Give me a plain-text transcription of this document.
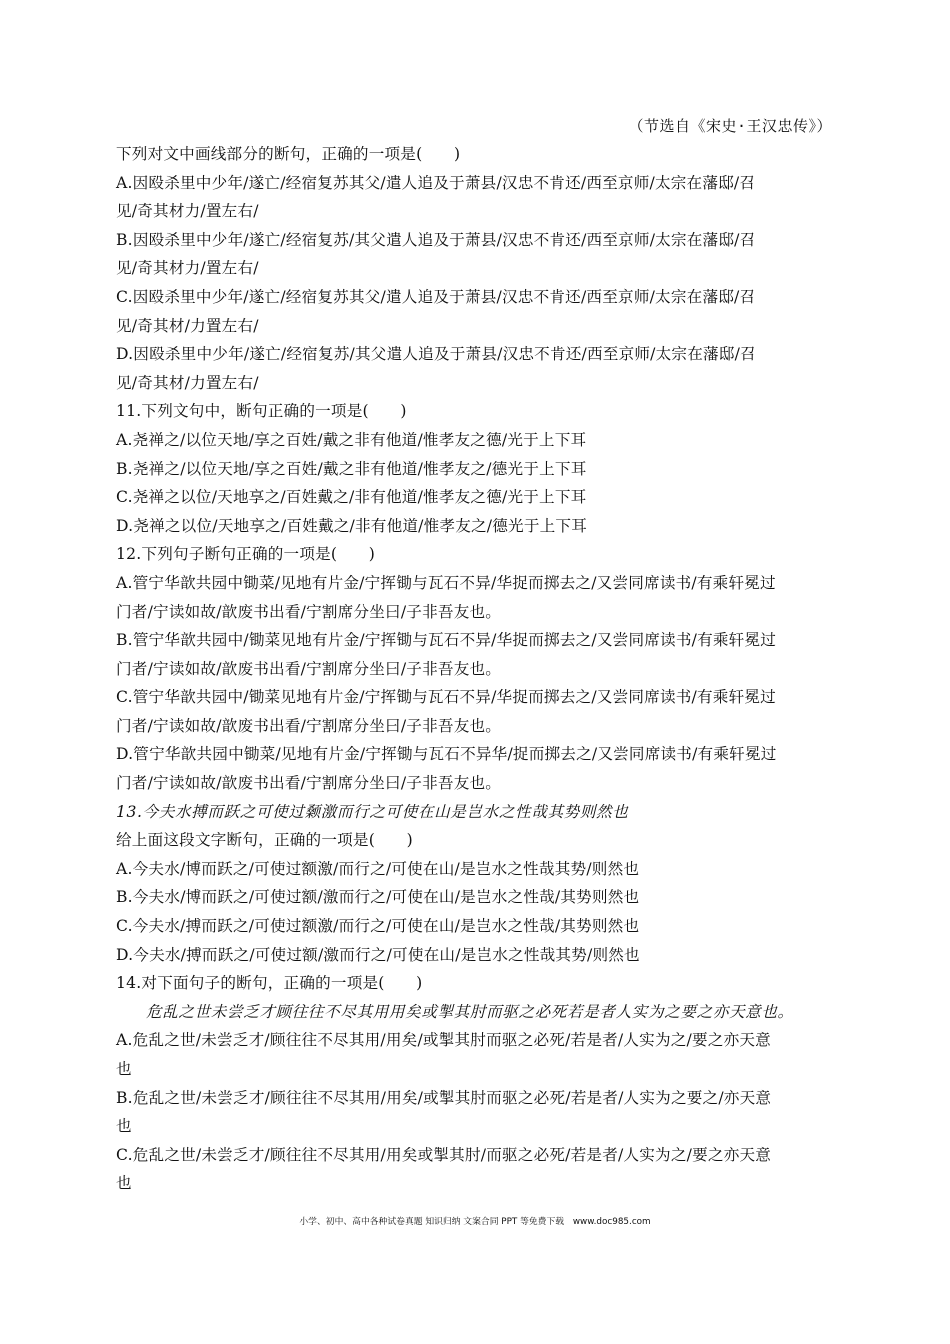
（节选自《宋史·王汉忠传》）
下列对文中画线部分的断句，正确的一项是(　　)
A.因殴杀里中少年/遂亡/经宿复苏其父/遣人追及于萧县/汉忠不肯还/西至京师/太宗在藩邸/召
见/奇其材力/置左右/
B.因殴杀里中少年/遂亡/经宿复苏/其父遣人追及于萧县/汉忠不肯还/西至京师/太宗在藩邸/召
见/奇其材力/置左右/
C.因殴杀里中少年/遂亡/经宿复苏其父/遣人追及于萧县/汉忠不肯还/西至京师/太宗在藩邸/召
见/奇其材/力置左右/
D.因殴杀里中少年/遂亡/经宿复苏/其父遣人追及于萧县/汉忠不肯还/西至京师/太宗在藩邸/召
见/奇其材/力置左右/
11.下列文句中，断句正确的一项是(　　)
A.尧禅之/以位天地/享之百姓/戴之非有他道/惟孝友之德/光于上下耳
B.尧禅之/以位天地/享之百姓/戴之非有他道/惟孝友之/德光于上下耳
C.尧禅之以位/天地享之/百姓戴之/非有他道/惟孝友之德/光于上下耳
D.尧禅之以位/天地享之/百姓戴之/非有他道/惟孝友之/德光于上下耳
12.下列句子断句正确的一项是(　　)
A.管宁华歆共园中锄菜/见地有片金/宁挥锄与瓦石不异/华捉而掷去之/又尝同席读书/有乘轩冕过
门者/宁读如故/歆废书出看/宁割席分坐曰/子非吾友也。
B.管宁华歆共园中/锄菜见地有片金/宁挥锄与瓦石不异/华捉而掷去之/又尝同席读书/有乘轩冕过
门者/宁读如故/歆废书出看/宁割席分坐曰/子非吾友也。
C.管宁华歆共园中/锄菜见地有片金/宁挥锄与瓦石不异/华捉而掷去之/又尝同席读书/有乘轩冕过
门者/宁读如故/歆废书出看/宁割席分坐曰/子非吾友也。
D.管宁华歆共园中锄菜/见地有片金/宁挥锄与瓦石不异华/捉而掷去之/又尝同席读书/有乘轩冕过
门者/宁读如故/歆废书出看/宁割席分坐曰/子非吾友也。
13.今夫水搏而跃之可使过颡激而行之可使在山是岂水之性哉其势则然也
给上面这段文字断句，正确的一项是(　　)
A.今夫水/博而跃之/可使过额激/而行之/可使在山/是岂水之性哉其势/则然也
B.今夫水/博而跃之/可使过额/激而行之/可使在山/是岂水之性哉/其势则然也
C.今夫水/搏而跃之/可使过额激/而行之/可使在山/是岂水之性哉/其势则然也
D.今夫水/搏而跃之/可使过额/激而行之/可使在山/是岂水之性哉其势/则然也
14.对下面句子的断句，正确的一项是(　　)
危乱之世未尝乏才顾往往不尽其用用矣或掣其肘而驱之必死若是者人实为之要之亦天意也。
A.危乱之世/未尝乏才/顾往往不尽其用/用矣/或掣其肘而驱之必死/若是者/人实为之/要之亦天意
也
B.危乱之世/未尝乏才/顾往往不尽其用/用矣/或掣其肘而驱之必死/若是者/人实为之要之/亦天意
也
C.危乱之世/未尝乏才/顾往往不尽其用/用矣或掣其肘/而驱之必死/若是者/人实为之/要之亦天意
也
小学、初中、高中各种试卷真题 知识归纳 文案合同 PPT 等免费下载　www.doc985.com
